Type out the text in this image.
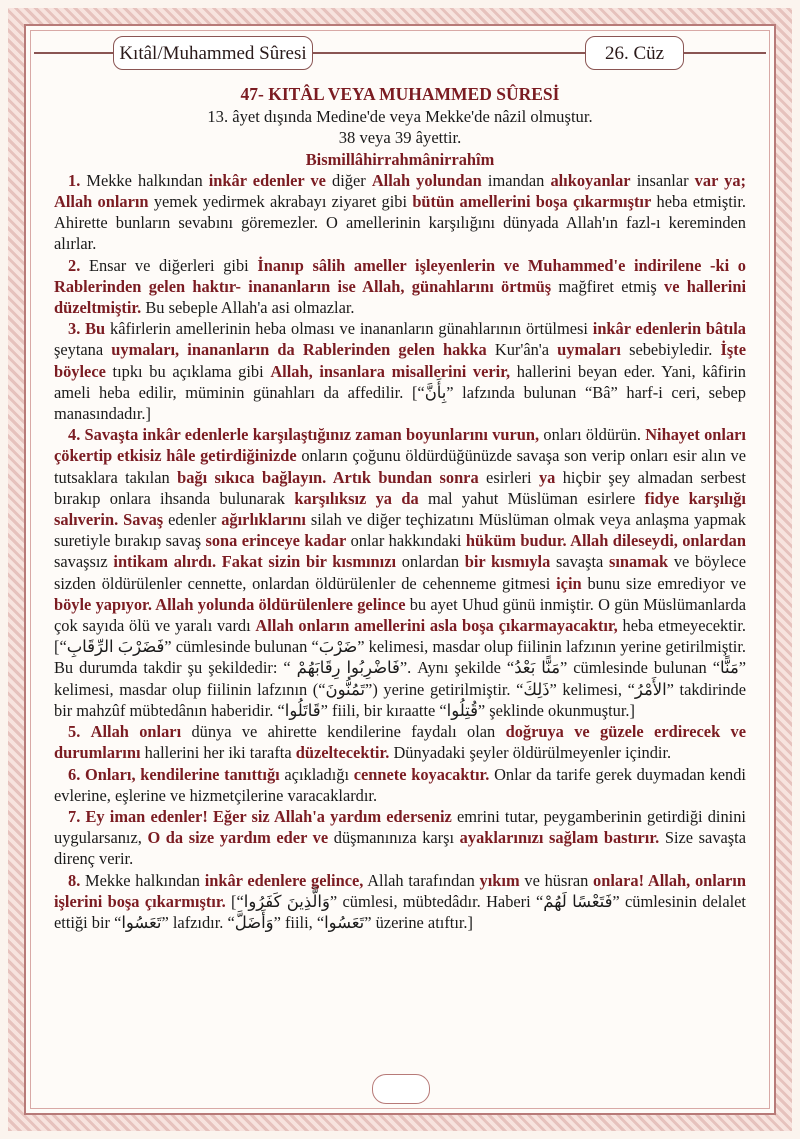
Kıtâl/Muhammed Sûresi	26. Cüz

47- KITÂL VEYA MUHAMMED SÛRESİ

13. âyet dışında Medine'de veya Mekke'de nâzil olmuştur.

38 veya 39 âyettir.

Bismillâhirrahmânirrahîm

1. Mekke halkından inkâr edenler ve diğer Allah yolundan imandan alıkoyanlar insanlar var ya; Allah onların yemek yedirmek akrabayı ziyaret gibi bütün amellerini boşa çıkarmıştır heba etmiştir. Ahirette bunların sevabını göremezler. O amellerinin karşılığını dünyada Allah'ın fazl-ı kereminden alırlar.

2. Ensar ve diğerleri gibi İnanıp sâlih ameller işleyenlerin ve Muhammed'e indirilene -ki o Rablerinden gelen haktır- inananların ise Allah, günahlarını örtmüş mağfiret etmiş ve hallerini düzeltmiştir. Bu sebeple Allah'a asi olmazlar.

3. Bu kâfirlerin amellerinin heba olması ve inananların günahlarının örtülmesi inkâr edenlerin bâtıla şeytana uymaları, inananların da Rablerinden gelen hakka Kur'ân'a uymaları sebebiyledir. İşte böylece tıpkı bu açıklama gibi Allah, insanlara misallerini verir, hallerini beyan eder. Yani, kâfirin ameli heba edilir, müminin günahları da affedilir. [“بِأَنَّ” lafzında bulunan “Bâ” harf-i ceri, sebep manasındadır.]

4. Savaşta inkâr edenlerle karşılaştığınız zaman boyunlarını vurun, onları öldürün. Nihayet onları çökertip etkisiz hâle getirdiğinizde onların çoğunu öldürdüğünüzde savaşa son verip onları esir alın ve tutsaklara takılan bağı sıkıca bağlayın. Artık bundan sonra esirleri ya hiçbir şey almadan serbest bırakıp onlara ihsanda bulunarak karşılıksız ya da mal yahut Müslüman esirlere fidye karşılığı salıverin. Savaş edenler ağırlıklarını silah ve diğer teçhizatını Müslüman olmak veya anlaşma yapmak suretiyle bırakıp savaş sona erinceye kadar onlar hakkındaki hüküm budur. Allah dileseydi, onlardan savaşsız intikam alırdı. Fakat sizin bir kısmınızı onlardan bir kısmıyla savaşta sınamak ve böylece sizden öldürülenler cennette, onlardan öldürülenler de cehenneme gitmesi için bunu size emrediyor ve böyle yapıyor. Allah yolunda öldürülenlere gelince bu ayet Uhud günü inmiştir. O gün Müslümanlarda çok sayıda ölü ve yaralı vardı Allah onların amellerini asla boşa çıkarmayacaktır, heba etmeyecektir. [“فَضَرْبَ الرِّقَابِ” cümlesinde bulunan “ضَرْبَ” kelimesi, masdar olup fiilinin lafzının yerine getirilmiştir. Bu durumda takdir şu şekildedir: “ فَاضْرِبُوا رِقَابَهُمْ”. Aynı şekilde “مَنًّا بَعْدُ” cümlesinde bulunan “مَنًّا” kelimesi, masdar olup fiilinin lafzının (“تَمُنُّونَ”) yerine getirilmiştir. “ذَلِكَ” kelimesi, “الأَمْرُ” takdirinde bir mahzûf mübtedânın haberidir. “قَاتَلُوا” fiili, bir kıraatte “قُتِلُوا” şeklinde okunmuştur.]

5. Allah onları dünya ve ahirette kendilerine faydalı olan doğruya ve güzele erdirecek ve durumlarını hallerini her iki tarafta düzeltecektir. Dünyadaki şeyler öldürülmeyenler içindir.

6. Onları, kendilerine tanıttığı açıkladığı cennete koyacaktır. Onlar da tarife gerek duymadan kendi evlerine, eşlerine ve hizmetçilerine varacaklardır.

7. Ey iman edenler! Eğer siz Allah'a yardım ederseniz emrini tutar, peygamberinin getirdiği dinini uygularsanız, O da size yardım eder ve düşmanınıza karşı ayaklarınızı sağlam bastırır. Size savaşta direnç verir.

8. Mekke halkından inkâr edenlere gelince, Allah tarafından yıkım ve hüsran onlara! Allah, onların işlerini boşa çıkarmıştır. [“وَالَّذِينَ كَفَرُوا” cümlesi, mübtedâdır. Haberi “فَتَعْسًا لَهُمْ” cümlesinin delalet ettiği bir “تَعَسُوا” lafzıdır. “وَأَضَلَّ” fiili, “تَعَسُوا” üzerine atıftır.]
